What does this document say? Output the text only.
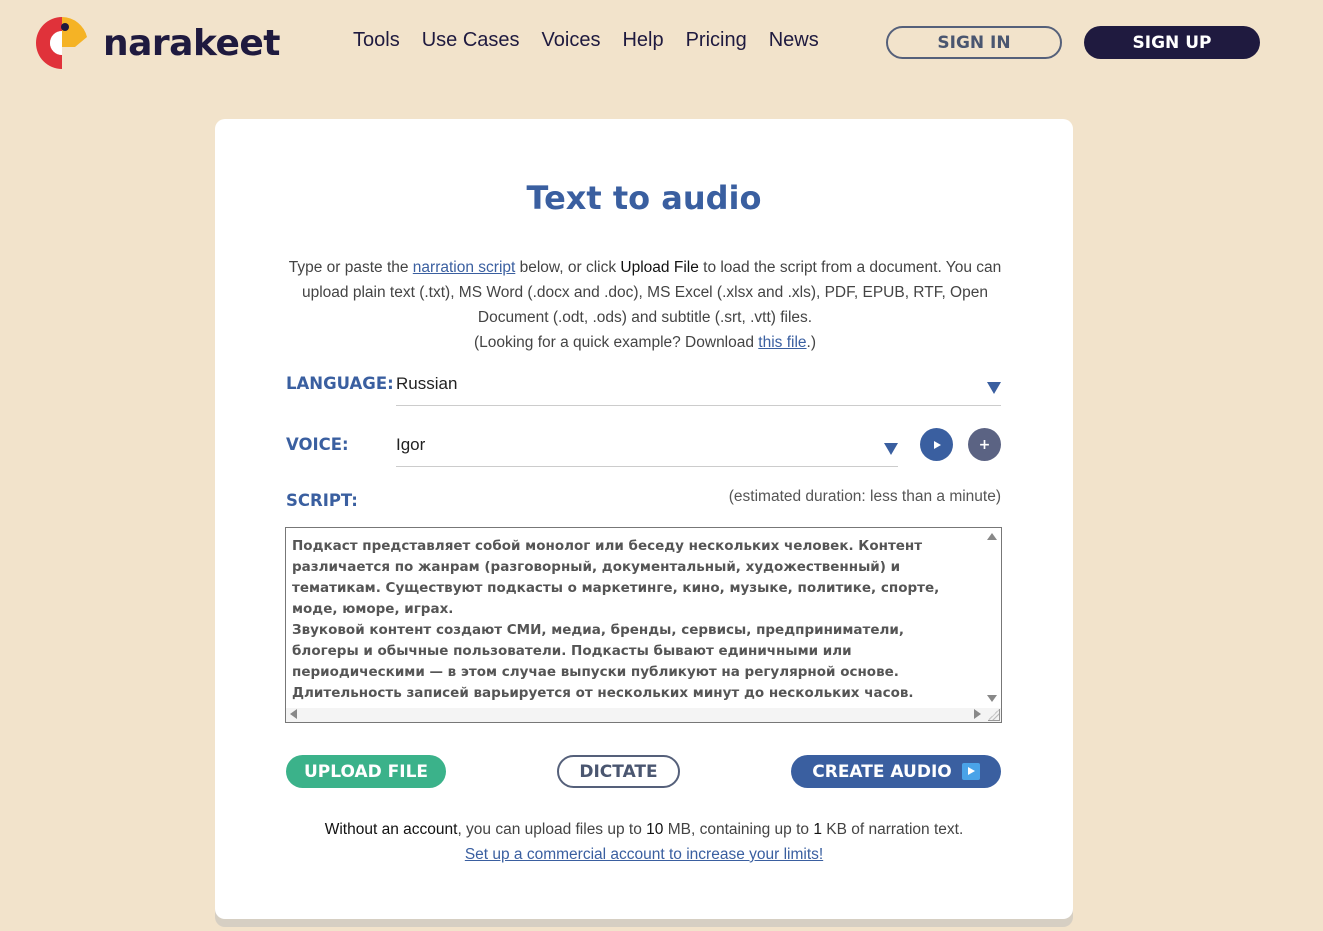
narakeet	Tools Use Cases Voices Help Pricing News	SIGN IN	SIGN UP
Text to audio

Type or paste the narration script below, or click Upload File to load the script from a document. You can upload plain text (.txt), MS Word (.docx and .doc), MS Excel (.xlsx and .xls), PDF, EPUB, RTF, Open Document (.odt, .ods) and subtitle (.srt, .vtt) files.

(Looking for a quick example? Download this file.)

LANGUAGE: Russian
VOICE:	Igor	+
SCRIPT:	(estimated duration: less than a minute)

Подкаст представляет собой монолог или беседу нескольких человек. Контент различается по жанрам (разговорный, документальный, художественный) и тематикам. Существуют подкасты о маркетинге, кино, музыке, политике, спорте, моде, юморе, играх.
Звуковой контент создают СМИ, медиа, бренды, сервисы, предприниматели, блогеры и обычные пользователи. Подкасты бывают единичными или периодическими — в этом случае выпуски публикуют на регулярной основе. Длительность записей варьируется от нескольких минут до нескольких часов.

UPLOAD FILE	DICTATE	CREATE AUDIO

Without an account, you can upload files up to 10 MB, containing up to 1 KB of narration text.

Set up a commercial account to increase your limits!
